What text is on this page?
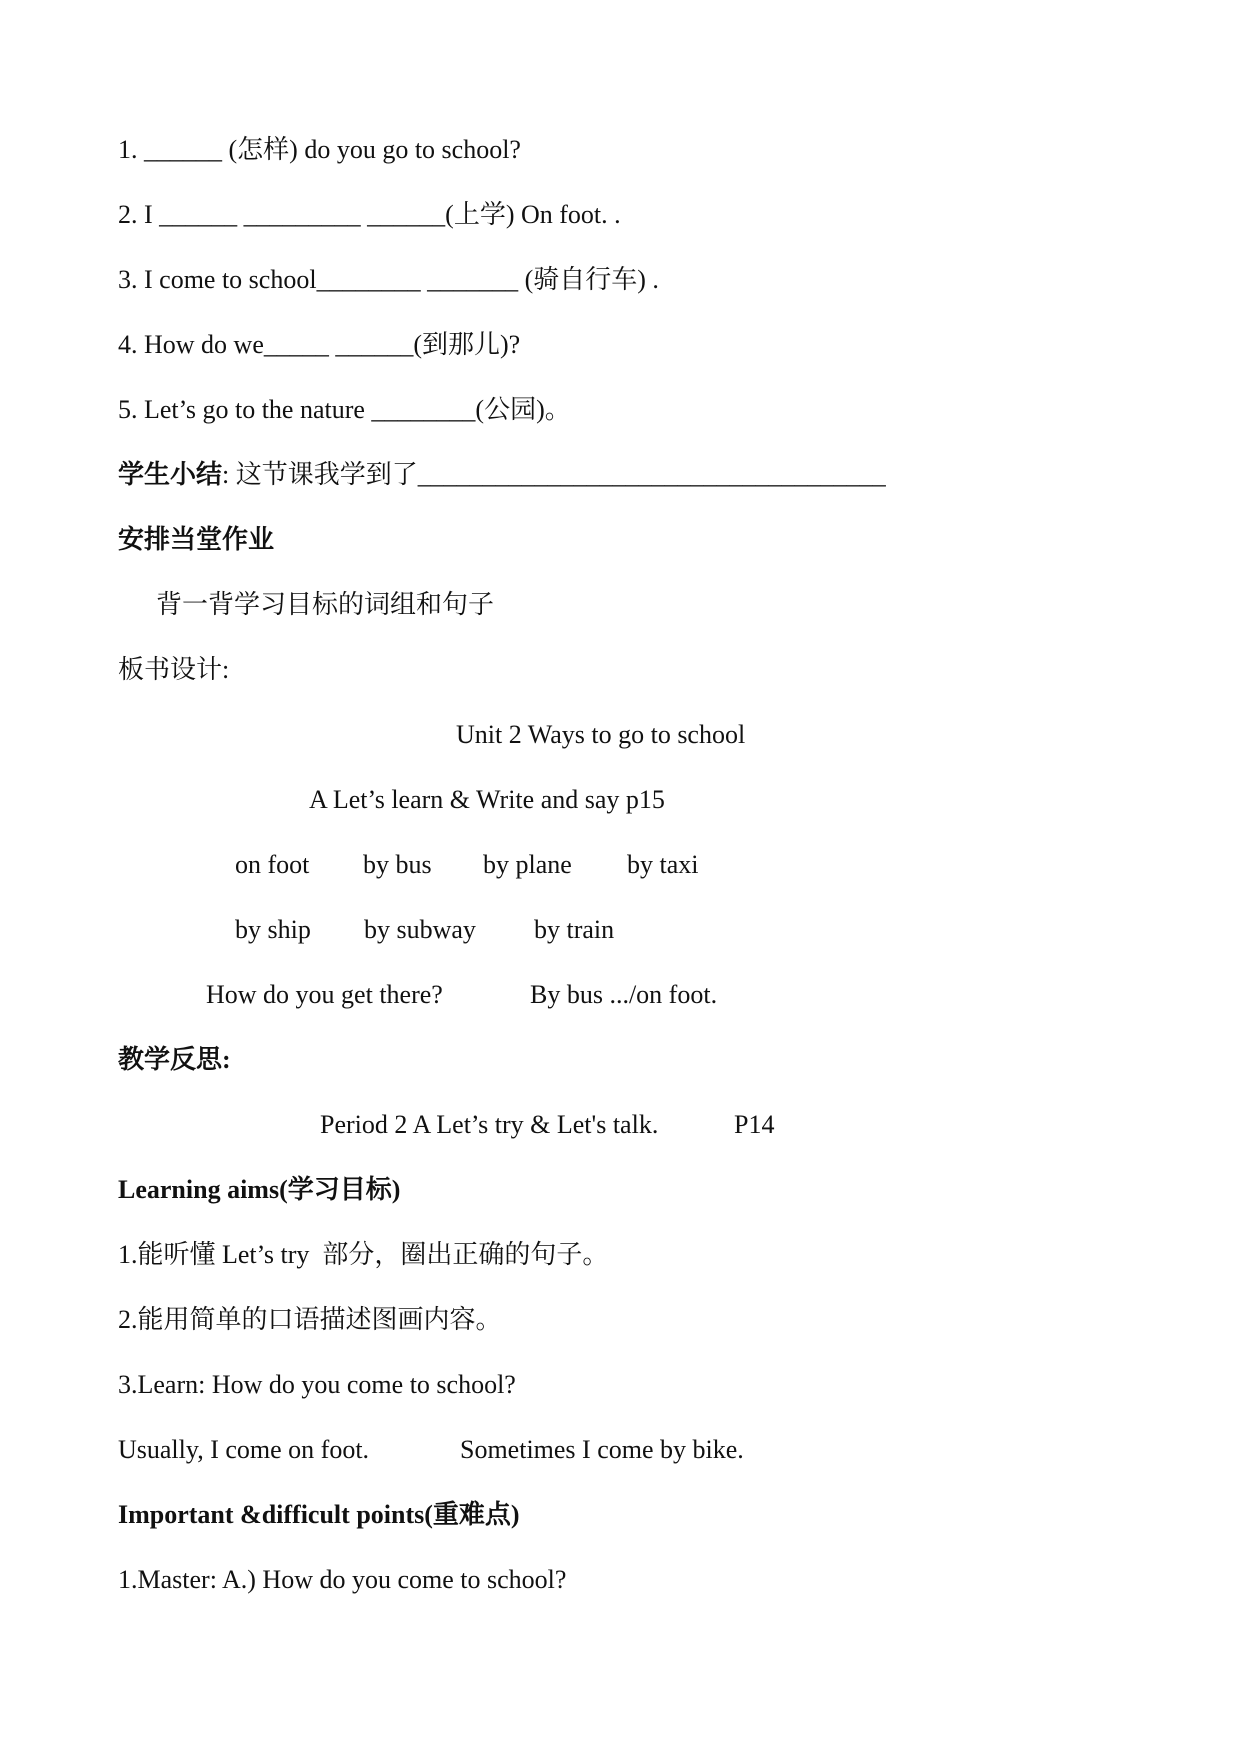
1. ______ (怎样) do you go to school?
2. I ______ _________ ______(上学) On foot. .
3. I come to school________ _______ (骑自行车) .
4. How do we_____ ______(到那儿)?
5. Let’s go to the nature ________(公园)。
学生小结: 这节课我学到了____________________________________
安排当堂作业
背一背学习目标的词组和句子
板书设计:
Unit 2 Ways to go to school
A Let’s learn & Write and say p15
on foot by bus by plane by taxi
by ship by subway by train
How do you get there?	By bus .../on foot.
教学反思:
Period 2 A Let’s try & Let's talk.	P14
Learning aims(学习目标)
1.能听懂 Let’s try  部分，圈出正确的句子。
2.能用简单的口语描述图画内容。
3.Learn: How do you come to school?
Usually, I come on foot.	Sometimes I come by bike.
Important &difficult points(重难点)
1.Master: A.) How do you come to school?
